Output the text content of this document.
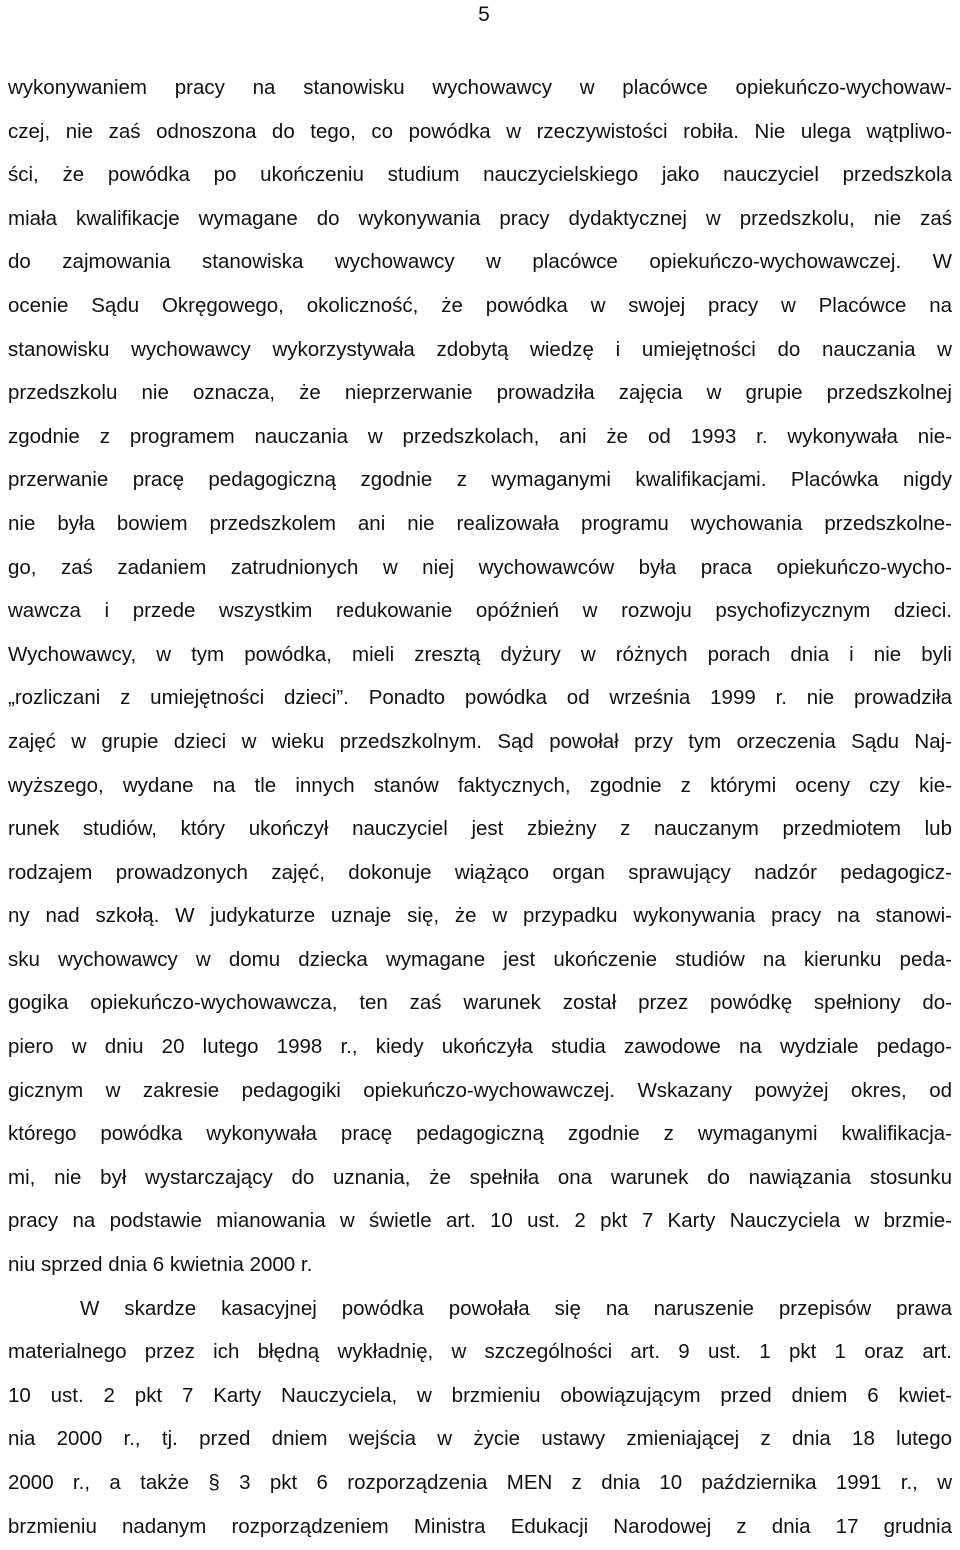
5
wykonywaniem pracy na stanowisku wychowawcy w placówce opiekuńczo-wychowaw-
czej, nie zaś odnoszona do tego, co powódka w rzeczywistości robiła. Nie ulega wątpliwo-
ści, że powódka po ukończeniu studium nauczycielskiego jako nauczyciel przedszkola
miała kwalifikacje wymagane do wykonywania pracy dydaktycznej w przedszkolu, nie zaś
do zajmowania stanowiska wychowawcy w placówce opiekuńczo-wychowawczej. W
ocenie Sądu Okręgowego, okoliczność, że powódka w swojej pracy w Placówce na
stanowisku wychowawcy wykorzystywała zdobytą wiedzę i umiejętności do nauczania w
przedszkolu nie oznacza, że nieprzerwanie prowadziła zajęcia w grupie przedszkolnej
zgodnie z programem nauczania w przedszkolach, ani że od 1993 r. wykonywała nie-
przerwanie pracę pedagogiczną zgodnie z wymaganymi kwalifikacjami. Placówka nigdy
nie była bowiem przedszkolem ani nie realizowała programu wychowania przedszkolne-
go, zaś zadaniem zatrudnionych w niej wychowawców była praca opiekuńczo-wycho-
wawcza i przede wszystkim redukowanie opóźnień w rozwoju psychofizycznym dzieci.
Wychowawcy, w tym powódka, mieli zresztą dyżury w różnych porach dnia i nie byli
„rozliczani z umiejętności dzieci”. Ponadto powódka od września 1999 r. nie prowadziła
zajęć w grupie dzieci w wieku przedszkolnym. Sąd powołał przy tym orzeczenia Sądu Naj-
wyższego, wydane na tle innych stanów faktycznych, zgodnie z którymi oceny czy kie-
runek studiów, który ukończył nauczyciel jest zbieżny z nauczanym przedmiotem lub
rodzajem prowadzonych zajęć, dokonuje wiążąco organ sprawujący nadzór pedagogicz-
ny nad szkołą. W judykaturze uznaje się, że w przypadku wykonywania pracy na stanowi-
sku wychowawcy w domu dziecka wymagane jest ukończenie studiów na kierunku peda-
gogika opiekuńczo-wychowawcza, ten zaś warunek został przez powódkę spełniony do-
piero w dniu 20 lutego 1998 r., kiedy ukończyła studia zawodowe na wydziale pedago-
gicznym w zakresie pedagogiki opiekuńczo-wychowawczej. Wskazany powyżej okres, od
którego powódka wykonywała pracę pedagogiczną zgodnie z wymaganymi kwalifikacja-
mi, nie był wystarczający do uznania, że spełniła ona warunek do nawiązania stosunku
pracy na podstawie mianowania w świetle art. 10 ust. 2 pkt 7 Karty Nauczyciela w brzmie-
niu sprzed dnia 6 kwietnia 2000 r.
W skardze kasacyjnej powódka powołała się na naruszenie przepisów prawa
materialnego przez ich błędną wykładnię, w szczególności art. 9 ust. 1 pkt 1 oraz art.
10 ust. 2 pkt 7 Karty Nauczyciela, w brzmieniu obowiązującym przed dniem 6 kwiet-
nia 2000 r., tj. przed dniem wejścia w życie ustawy zmieniającej z dnia 18 lutego
2000 r., a także § 3 pkt 6 rozporządzenia MEN z dnia 10 października 1991 r., w
brzmieniu nadanym rozporządzeniem Ministra Edukacji Narodowej z dnia 17 grudnia
